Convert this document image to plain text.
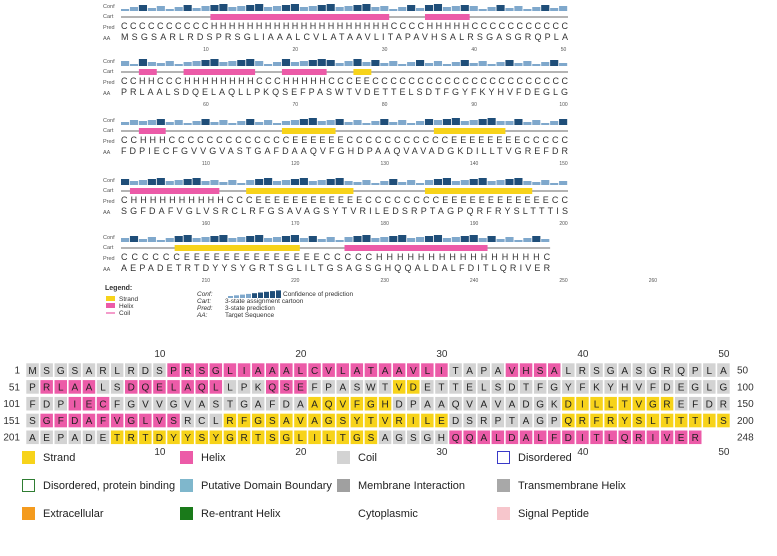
Conf
Cart
Pred
AA
CCCCCCCCCCHHHHHHHHHHHHHHHHHHHHCCCCHHHHHCCCCCCCCCCC
MSGSARLRDSPRSGLIAAALCVLATAAVLITAPAVHSALRSGASGRQPLA
10	20	30	40	50
Conf
Cart
Pred
AA
CCHHCCCHHHHHHHHCCCHHHHHCCCEECCCCCCCCCCCCCCCCCCCCCC
PRLAALSDQELAQLLPKQSEFPASWTVDETTELSDTFGYFKYHVFDEGLG
60	70	80	90	100
Conf
Cart
Pred
AA
CCHHHCCCCCCCCCCCCCEEEEEECCCCCCCCCCCEEEEEEEECCCCC
FDPIECFGVVGVASTGAFDAAQVFGHDPAAQVAVADGKDILLTVGREFDR
110	120	130	140	150
Conf
Cart
Pred
AA
CHHHHHHHHHHCCCEEEEEEEEEEEECCCCCCCCEEEEEEEEEEEECC
SGFDAFVGLVSRCLRFGSAVAGSYTVRILEDSRPTAGPQRFRYSLTTTIS
160	170	180	190	200
Conf
Cart
Pred
AA
CCCCCCEEEEEEEEEEEEEECCCCCHHHHHHHHHHHHHHHHC
AEPADETRTDYYSYGRTSGLILTGSAGSGHQQALDALFDITLQRIVER
210	220	230	240	250	260
Legend:
Strand
Helix
Coil
Conf:	Confidence of prediction
Cart: 3-state assignment cartoon
Pred: 3-state prediction
AA:	Target Sequence
10	20	30	40	50
1 M S G S A R L R D S P R S G L I A A A L C V L A T A A V L I T A P A V H S A L R S G A S G R Q P L A 50
51 P R L A A L S D Q E L A Q L L P K Q S E F P A S W T V D E T T E L S D T F G Y F K Y H V F D E G L G 100
101 F D P I E C F G V V G V A S T G A F D A A Q V F G H D P A A Q V A V A D G K D I L L T V G R E F D R 150
151 S G F D A F V G L V S R C L R F G S A V A G S Y T V R I L E D S R P T A G P Q R F R Y S L T T T I S 200
201 A E P A D E T R T D Y Y S Y G R T S G L I L T G S A G S G H Q Q A L D A L F D I T L Q R I V E R	248
10	20	30	40	50
Strand	Helix	Coil	Disordered
Disordered, protein binding Putative Domain Boundary Membrane Interaction	Transmembrane Helix
Extracellular	Re-entrant Helix	Cytoplasmic	Signal Peptide
